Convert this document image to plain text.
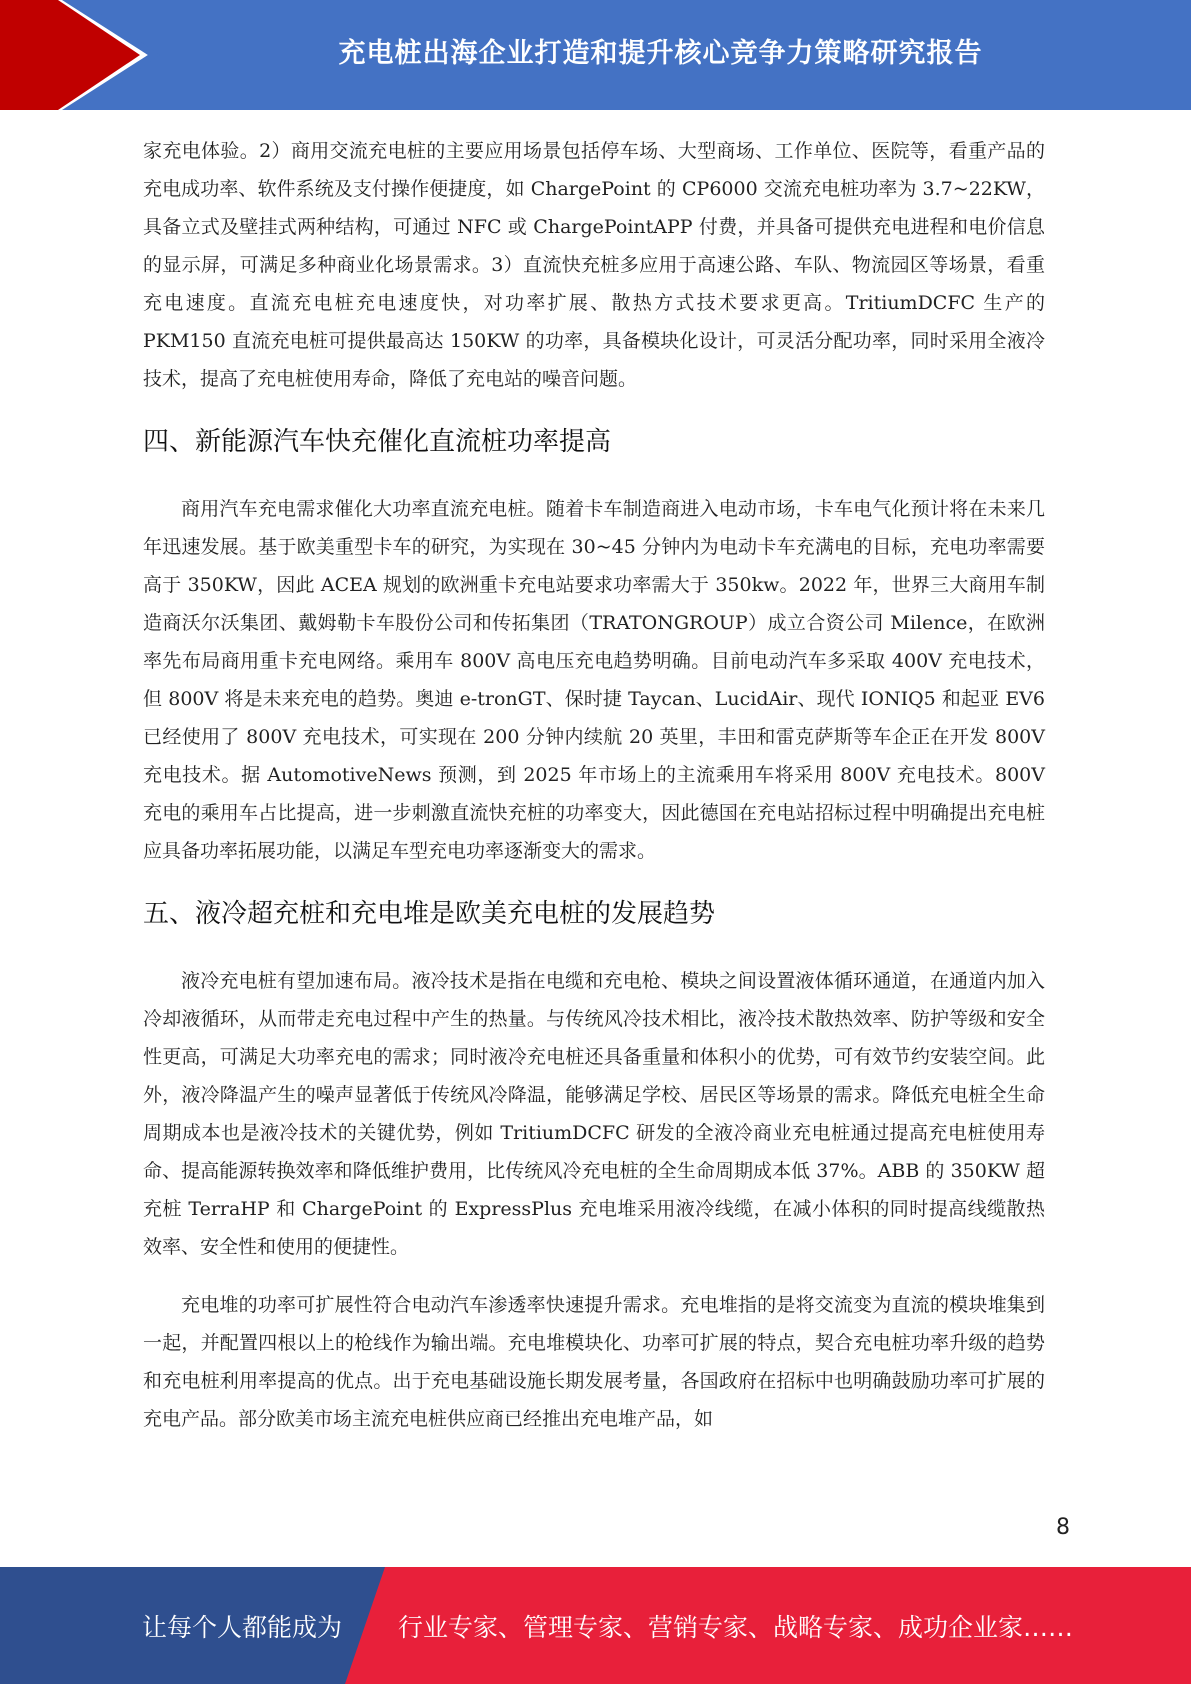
充电桩出海企业打造和提升核心竞争力策略研究报告

家充电体验。2）商用交流充电桩的主要应用场景包括停车场、大型商场、工作单位、医院等，看重产品的充电成功率、软件系统及支付操作便捷度，如 ChargePoint 的 CP6000 交流充电桩功率为 3.7~22KW，具备立式及壁挂式两种结构，可通过 NFC 或 ChargePointAPP 付费，并具备可提供充电进程和电价信息的显示屏，可满足多种商业化场景需求。3）直流快充桩多应用于高速公路、车队、物流园区等场景，看重充电速度。直流充电桩充电速度快，对功率扩展、散热方式技术要求更高。TritiumDCFC 生产的 PKM150 直流充电桩可提供最高达 150KW 的功率，具备模块化设计，可灵活分配功率，同时采用全液冷技术，提高了充电桩使用寿命，降低了充电站的噪音问题。

四、新能源汽车快充催化直流桩功率提高

商用汽车充电需求催化大功率直流充电桩。随着卡车制造商进入电动市场，卡车电气化预计将在未来几年迅速发展。基于欧美重型卡车的研究，为实现在 30~45 分钟内为电动卡车充满电的目标，充电功率需要高于 350KW，因此 ACEA 规划的欧洲重卡充电站要求功率需大于 350kw。2022 年，世界三大商用车制造商沃尔沃集团、戴姆勒卡车股份公司和传拓集团（TRATONGROUP）成立合资公司 Milence，在欧洲率先布局商用重卡充电网络。乘用车 800V 高电压充电趋势明确。目前电动汽车多采取 400V 充电技术，但 800V 将是未来充电的趋势。奥迪 e-tronGT、保时捷 Taycan、LucidAir、现代 IONIQ5 和起亚 EV6 已经使用了 800V 充电技术，可实现在 200 分钟内续航 20 英里，丰田和雷克萨斯等车企正在开发 800V 充电技术。据 AutomotiveNews 预测，到 2025 年市场上的主流乘用车将采用 800V 充电技术。800V 充电的乘用车占比提高，进一步刺激直流快充桩的功率变大，因此德国在充电站招标过程中明确提出充电桩应具备功率拓展功能，以满足车型充电功率逐渐变大的需求。

五、液冷超充桩和充电堆是欧美充电桩的发展趋势

液冷充电桩有望加速布局。液冷技术是指在电缆和充电枪、模块之间设置液体循环通道，在通道内加入冷却液循环，从而带走充电过程中产生的热量。与传统风冷技术相比，液冷技术散热效率、防护等级和安全性更高，可满足大功率充电的需求；同时液冷充电桩还具备重量和体积小的优势，可有效节约安装空间。此外，液冷降温产生的噪声显著低于传统风冷降温，能够满足学校、居民区等场景的需求。降低充电桩全生命周期成本也是液冷技术的关键优势，例如 TritiumDCFC 研发的全液冷商业充电桩通过提高充电桩使用寿命、提高能源转换效率和降低维护费用，比传统风冷充电桩的全生命周期成本低 37%。ABB 的 350KW 超充桩 TerraHP 和 ChargePoint 的 ExpressPlus 充电堆采用液冷线缆，在减小体积的同时提高线缆散热效率、安全性和使用的便捷性。

充电堆的功率可扩展性符合电动汽车渗透率快速提升需求。充电堆指的是将交流变为直流的模块堆集到一起，并配置四根以上的枪线作为输出端。充电堆模块化、功率可扩展的特点，契合充电桩功率升级的趋势和充电桩利用率提高的优点。出于充电基础设施长期发展考量，各国政府在招标中也明确鼓励功率可扩展的充电产品。部分欧美市场主流充电桩供应商已经推出充电堆产品，如

8
让每个人都能成为 行业专家、管理专家、营销专家、战略专家、成功企业家……
